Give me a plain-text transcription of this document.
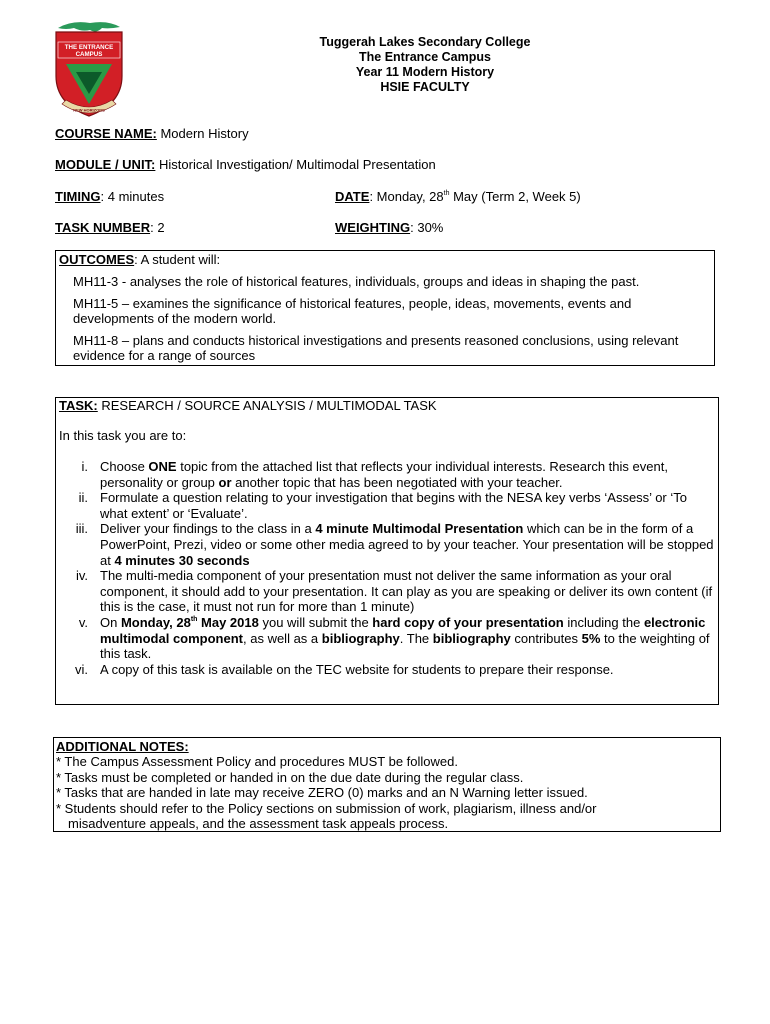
THE ENTRANCE
CAMPUS
NEW HORIZONS
Tuggerah Lakes Secondary College
The Entrance Campus
Year 11 Modern History
HSIE FACULTY
COURSE NAME: Modern History
MODULE / UNIT: Historical Investigation/ Multimodal Presentation
TIMING: 4 minutes	DATE: Monday, 28th May (Term 2, Week 5)
TASK NUMBER: 2	WEIGHTING: 30%
OUTCOMES: A student will:

MH11-3 - analyses the role of historical features, individuals, groups and ideas in shaping the past.

MH11-5 – examines the significance of historical features, people, ideas, movements, events and developments of the modern world.

MH11-8 – plans and conducts historical investigations and presents reasoned conclusions, using relevant evidence for a range of sources

TASK: RESEARCH / SOURCE ANALYSIS / MULTIMODAL TASK
In this task you are to:
i. Choose ONE topic from the attached list that reflects your individual interests. Research this event, personality or group or another topic that has been negotiated with your teacher.
ii. Formulate a question relating to your investigation that begins with the NESA key verbs ‘Assess’ or ‘To what extent’ or ‘Evaluate’.
iii. Deliver your findings to the class in a 4 minute Multimodal Presentation which can be in the form of a PowerPoint, Prezi, video or some other media agreed to by your teacher. Your presentation will be stopped at 4 minutes 30 seconds
iv. The multi-media component of your presentation must not deliver the same information as your oral component, it should add to your presentation. It can play as you are speaking or deliver its own content (if this is the case, it must not run for more than 1 minute)
v. On Monday, 28th May 2018 you will submit the hard copy of your presentation including the electronic multimodal component, as well as a bibliography. The bibliography contributes 5% to the weighting of this task.
vi. A copy of this task is available on the TEC website for students to prepare their response.
ADDITIONAL NOTES:
* The Campus Assessment Policy and procedures MUST be followed.
* Tasks must be completed or handed in on the due date during the regular class.
* Tasks that are handed in late may receive ZERO (0) marks and an N Warning letter issued.
* Students should refer to the Policy sections on submission of work, plagiarism, illness and/or
misadventure appeals, and the assessment task appeals process.
